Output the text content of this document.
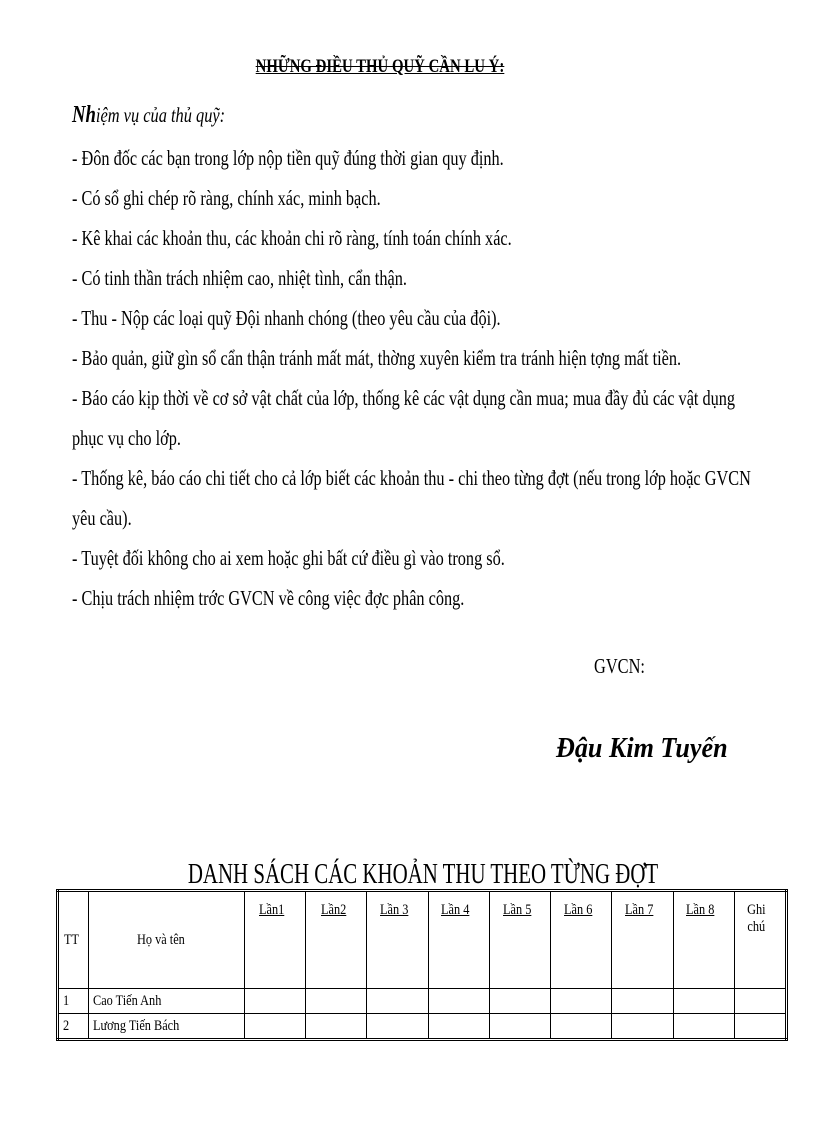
NHỮNG ĐIỀU THỦ QUỸ CẦN LU Ý:
Nhiệm vụ của thủ quỹ:
- Đôn đốc các bạn trong lớp nộp tiền quỹ đúng thời gian quy định.
- Có sổ ghi chép rõ ràng, chính xác, minh bạch.
- Kê khai các khoản thu, các khoản chi rõ ràng, tính toán chính xác.
- Có tinh thần trách nhiệm cao, nhiệt tình, cẩn thận.
- Thu - Nộp các loại quỹ Đội nhanh chóng (theo yêu cầu của đội).
- Bảo quản, giữ gìn sổ cẩn thận tránh mất mát, thờng xuyên kiểm tra tránh hiện tợng mất tiền.
- Báo cáo kịp thời về cơ sở vật chất của lớp, thống kê các vật dụng cần mua; mua đầy đủ các vật dụng
phục vụ cho lớp.
- Thống kê, báo cáo chi tiết cho cả lớp biết các khoản thu - chi theo từng đợt (nếu trong lớp hoặc GVCN
yêu cầu).
- Tuyệt đối không cho ai xem hoặc ghi bất cứ điều gì vào trong sổ.
- Chịu trách nhiệm trớc GVCN về công việc đợc phân công.
GVCN:
Đậu Kim Tuyến
DANH SÁCH CÁC KHOẢN THU THEO TỪNG ĐỢT
TT	Họ và tên	Lần1	Lần2	Lần 3	Lần 4	Lần 5	Lần 6	Lần 7	Lần 8	Ghi chú
1	Cao Tiến Anh									
2	Lương Tiến Bách									
